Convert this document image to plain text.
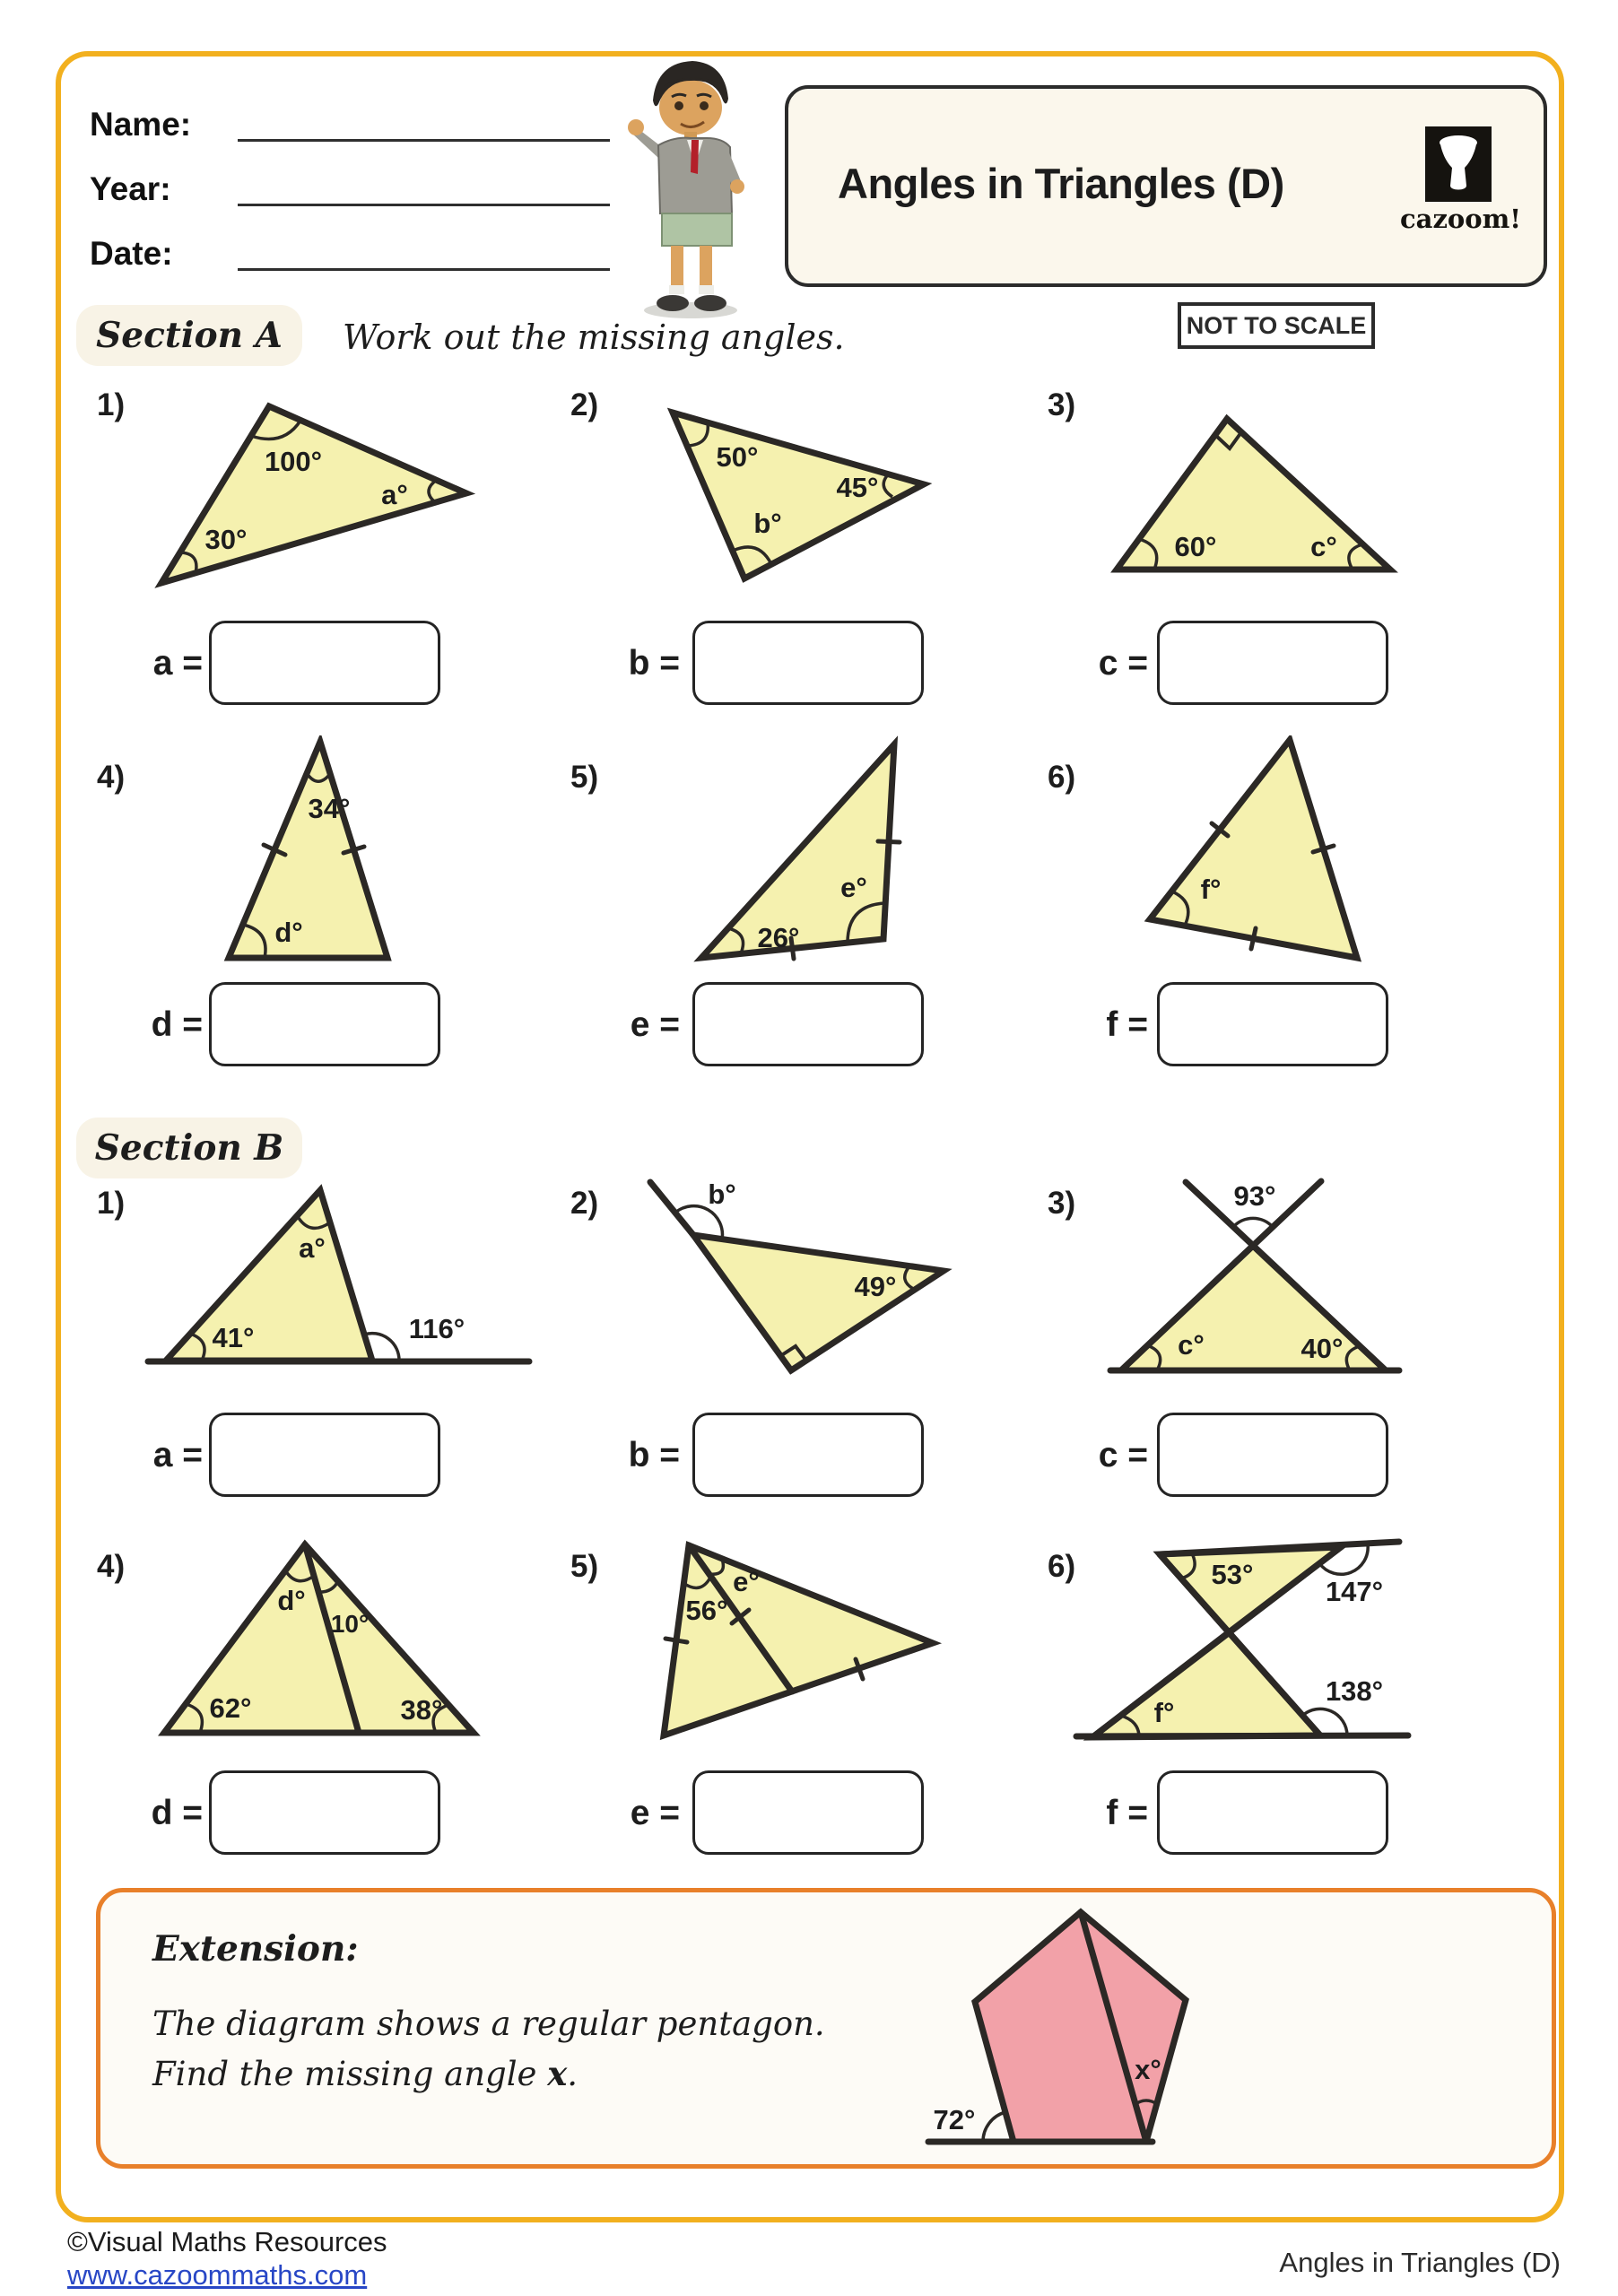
Name:
Year:
Date:
Angles in Triangles (D)
cazoom!
NOT TO SCALE
Section A	Work out the missing angles.
1)	2)	3)
100°
a°
30°
50°
45°
b°
60°	c°
a =	b =	c =
4)	5)	6)
34°
d°
e°
26°
f°
d =	e =	f =
Section B
1)	2)	3)
a°
41°	116°
b°
49°
93°
c°	40°
a =	b =	c =
4)	5)	6)
d°
10°
62°	38°
56°
e°	53°
147°
f°
138°
d =	e =	f =
Extension:
The diagram shows a regular pentagon.
Find the missing angle x.
72°
x°
©Visual Maths Resources
www.cazoommaths.com	Angles in Triangles (D)
